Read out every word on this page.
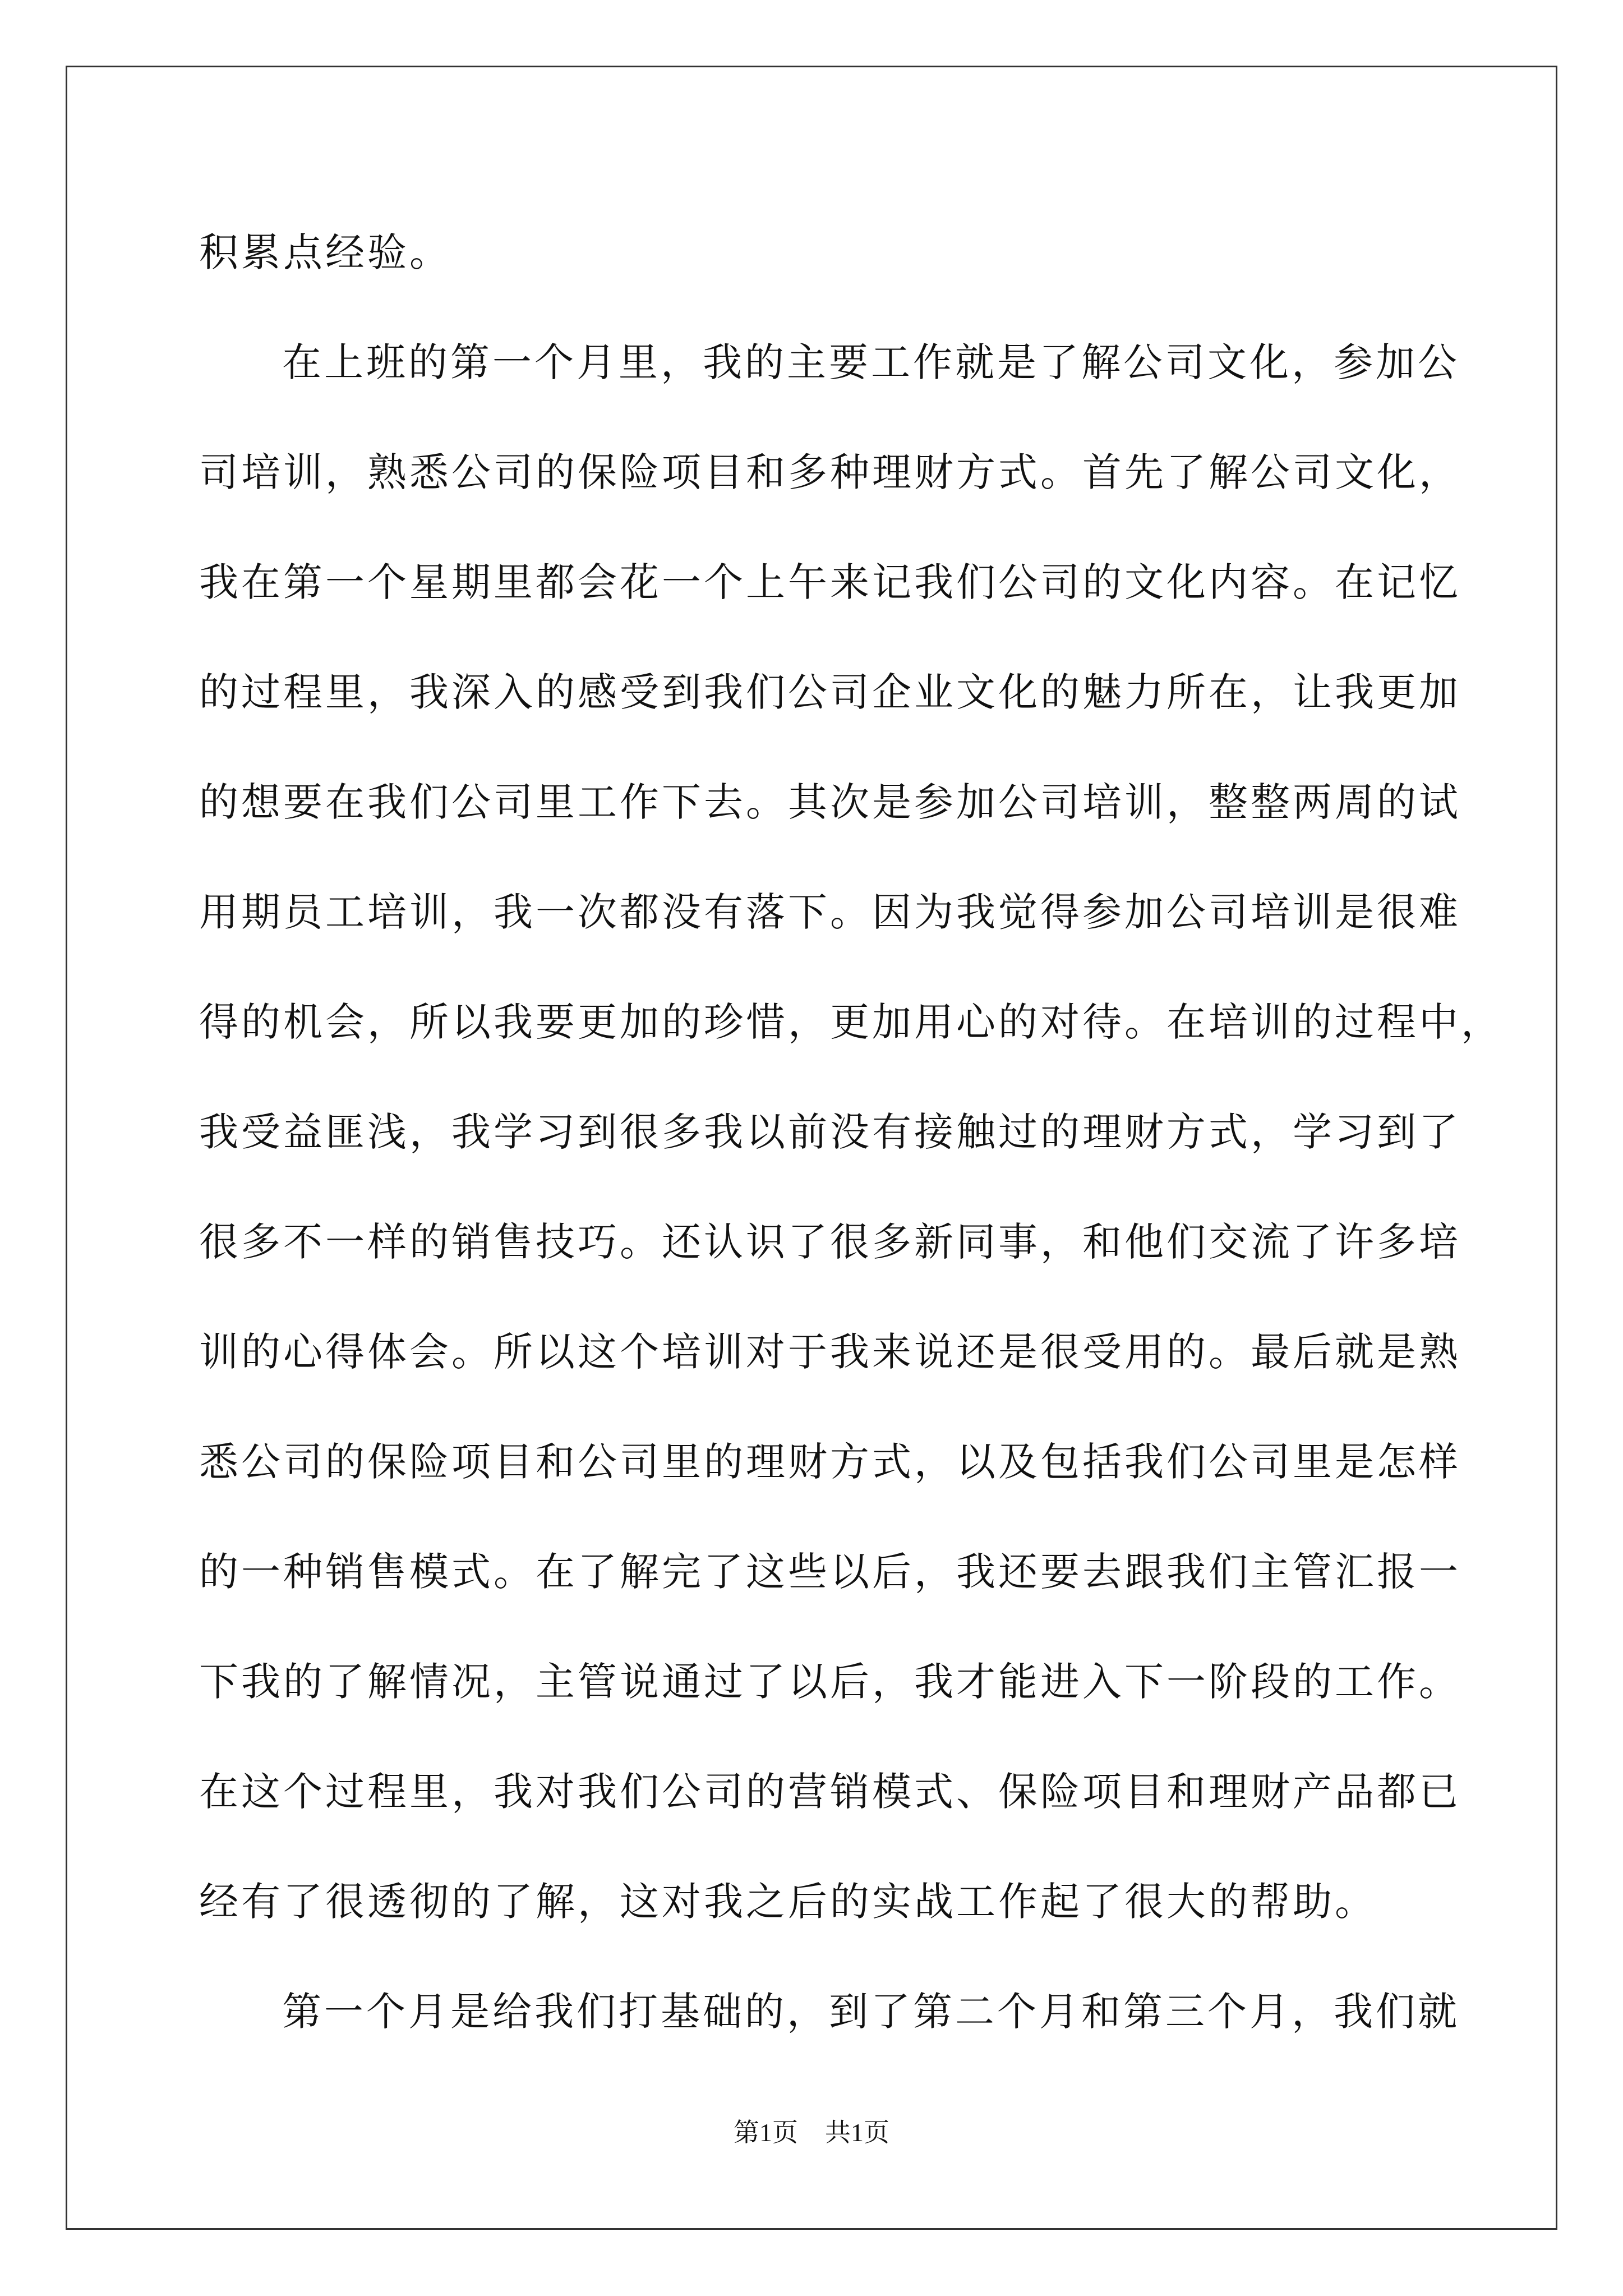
积累点经验。
在上班的第一个月里，我的主要工作就是了解公司文化，参加公
司培训，熟悉公司的保险项目和多种理财方式。首先了解公司文化，
我在第一个星期里都会花一个上午来记我们公司的文化内容。在记忆
的过程里，我深入的感受到我们公司企业文化的魅力所在，让我更加
的想要在我们公司里工作下去。其次是参加公司培训，整整两周的试
用期员工培训，我一次都没有落下。因为我觉得参加公司培训是很难
得的机会，所以我要更加的珍惜，更加用心的对待。在培训的过程中，
我受益匪浅，我学习到很多我以前没有接触过的理财方式，学习到了
很多不一样的销售技巧。还认识了很多新同事，和他们交流了许多培
训的心得体会。所以这个培训对于我来说还是很受用的。最后就是熟
悉公司的保险项目和公司里的理财方式，以及包括我们公司里是怎样
的一种销售模式。在了解完了这些以后，我还要去跟我们主管汇报一
下我的了解情况，主管说通过了以后，我才能进入下一阶段的工作。
在这个过程里，我对我们公司的营销模式、保险项目和理财产品都已
经有了很透彻的了解，这对我之后的实战工作起了很大的帮助。
第一个月是给我们打基础的，到了第二个月和第三个月，我们就
第1页 共1页
